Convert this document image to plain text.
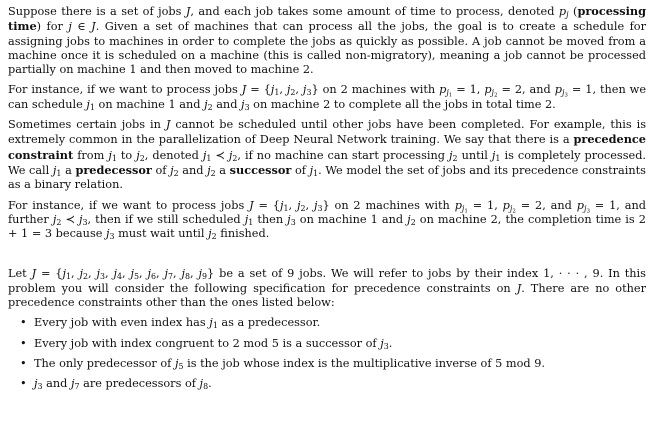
Suppose there is a set of jobs J, and each job takes some amount of time to process, denoted $p_j$ (processing time) for j ∈ J. Given a set of machines that can process all the jobs, the goal is to create a schedule for assigning jobs to machines in order to complete the jobs as quickly as possible. A job cannot be moved from a machine once it is scheduled on a machine (this is called non-migratory), meaning a job cannot be processed partially on machine 1 and then moved to machine 2.

For instance, if we want to process jobs $J = \{j_1$, $j_2$, $j_3$} on 2 machines with $p_{j_1} = 1$, $p_{j_2} = 2$, and $p_{j_3} = 1$, then we can schedule $j_1$ on machine 1 and $j_2$ and $j_3$ on machine 2 to complete all the jobs in total time 2.

Sometimes certain jobs in J cannot be scheduled until other jobs have been completed. For example, this is extremely common in the parallelization of Deep Neural Network training. We say that there is a precedence constraint from $j_1$ to $j_2$, denoted $j_1$ ≺ $j_2$, if no machine can start processing $j_2$ until $j_1$ is completely processed. We call $j_1$ a predecessor of $j_2$ and $j_2$ a successor of $j_1$. We model the set of jobs and its precedence constraints as a binary relation.

For instance, if we want to process jobs $J = \{j_1$, $j_2$, $j_3$} on 2 machines with $p_{j_1} = 1$, $p_{j_2} = 2$, and $p_{j_3} = 1$, and further $j_2$ ≺ $j_3$, then if we still scheduled $j_1$ then $j_3$ on machine 1 and $j_2$ on machine 2, the completion time is 2 + 1 = 3 because $j_3$ must wait until $j_2$ finished.

Let $J = \{j_1$, $j_2$, $j_3$, $j_4$, $j_5$, $j_6$, $j_7$, $j_8$, $j_9$} be a set of 9 jobs. We will refer to jobs by their index 1, · · · , 9. In this problem you will consider the following specification for precedence constraints on J. There are no other precedence constraints other than the ones listed below:

• Every job with even index has $j_1$ as a predecessor.
• Every job with index congruent to 2 mod 5 is a successor of $j_3$.
• The only predecessor of $j_5$ is the job whose index is the multiplicative inverse of 5 mod 9.
• $j_3$ and $j_7$ are predecessors of $j_8$.
